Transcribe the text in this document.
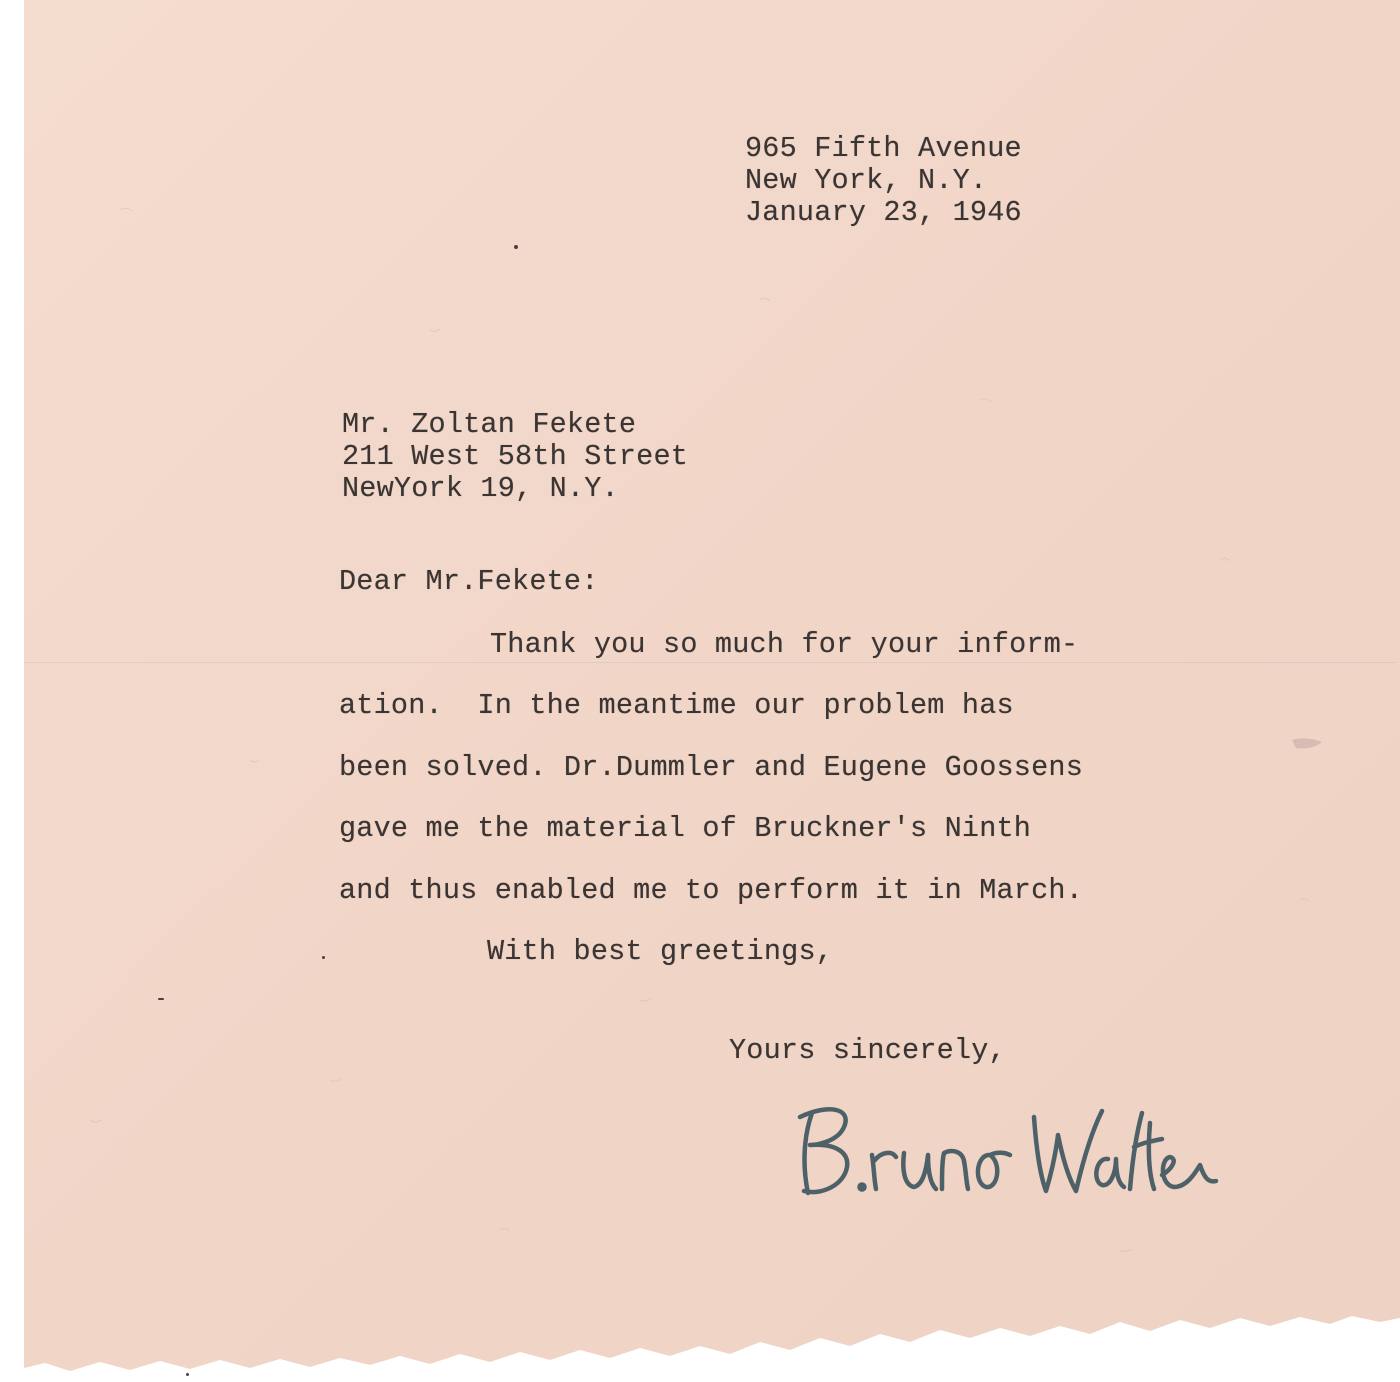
965 Fifth Avenue
New York, N.Y.
January 23, 1946
Mr. Zoltan Fekete
211 West 58th Street
NewYork 19, N.Y.
Dear Mr.Fekete:
Thank you so much for your inform-
ation.  In the meantime our problem has
been solved. Dr.Dummler and Eugene Goossens
gave me the material of Bruckner's Ninth
and thus enabled me to perform it in March.
With best greetings,
Yours sincerely,
